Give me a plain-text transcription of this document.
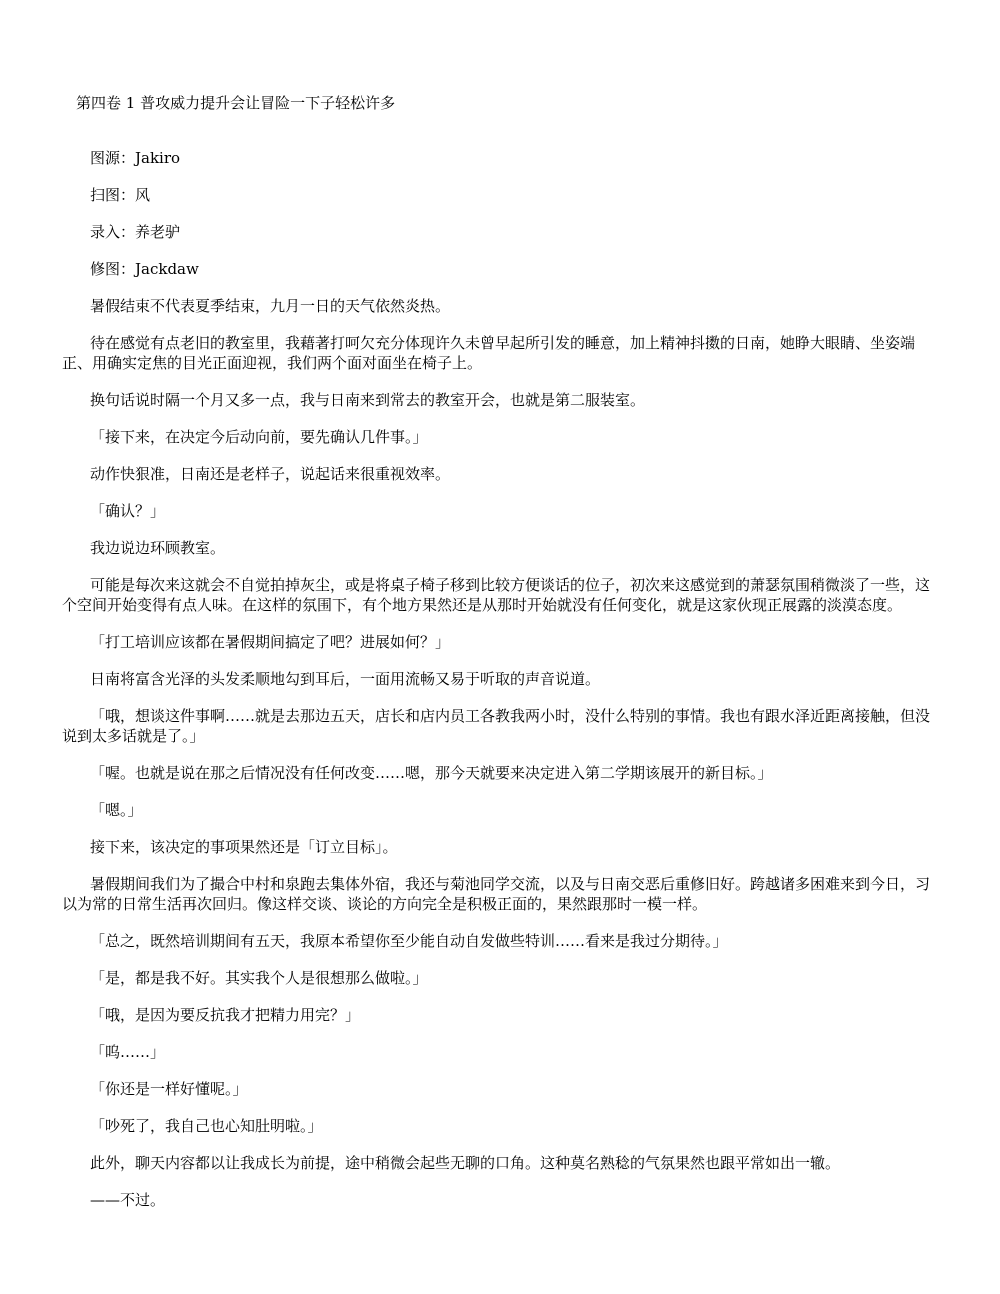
第四卷 1 普攻威力提升会让冒险一下子轻松许多

图源：Jakiro

扫图：风

录入：养老驴

修图：Jackdaw

暑假结束不代表夏季结束，九月一日的天气依然炎热。

待在感觉有点老旧的教室里，我藉著打呵欠充分体现许久未曾早起所引发的睡意，加上精神抖擞的日南，她睁大眼睛、坐姿端正、用确实定焦的目光正面迎视，我们两个面对面坐在椅子上。

换句话说时隔一个月又多一点，我与日南来到常去的教室开会，也就是第二服装室。

「接下来，在决定今后动向前，要先确认几件事。」

动作快狠准，日南还是老样子，说起话来很重视效率。

「确认？」

我边说边环顾教室。

可能是每次来这就会不自觉拍掉灰尘，或是将桌子椅子移到比较方便谈话的位子，初次来这感觉到的萧瑟氛围稍微淡了一些，这个空间开始变得有点人味。在这样的氛围下，有个地方果然还是从那时开始就没有任何变化，就是这家伙现正展露的淡漠态度。

「打工培训应该都在暑假期间搞定了吧？进展如何？」

日南将富含光泽的头发柔顺地勾到耳后，一面用流畅又易于听取的声音说道。

「哦，想谈这件事啊……就是去那边五天，店长和店内员工各教我两小时，没什么特别的事情。我也有跟水泽近距离接触，但没说到太多话就是了。」

「喔。也就是说在那之后情况没有任何改变……嗯，那今天就要来决定进入第二学期该展开的新目标。」

「嗯。」

接下来，该决定的事项果然还是「订立目标」。

暑假期间我们为了撮合中村和泉跑去集体外宿，我还与菊池同学交流，以及与日南交恶后重修旧好。跨越诸多困难来到今日，习以为常的日常生活再次回归。像这样交谈、谈论的方向完全是积极正面的，果然跟那时一模一样。

「总之，既然培训期间有五天，我原本希望你至少能自动自发做些特训……看来是我过分期待。」

「是，都是我不好。其实我个人是很想那么做啦。」

「哦，是因为要反抗我才把精力用完？」

「呜……」

「你还是一样好懂呢。」

「吵死了，我自己也心知肚明啦。」

此外，聊天内容都以让我成长为前提，途中稍微会起些无聊的口角。这种莫名熟稔的气氛果然也跟平常如出一辙。

——不过。
